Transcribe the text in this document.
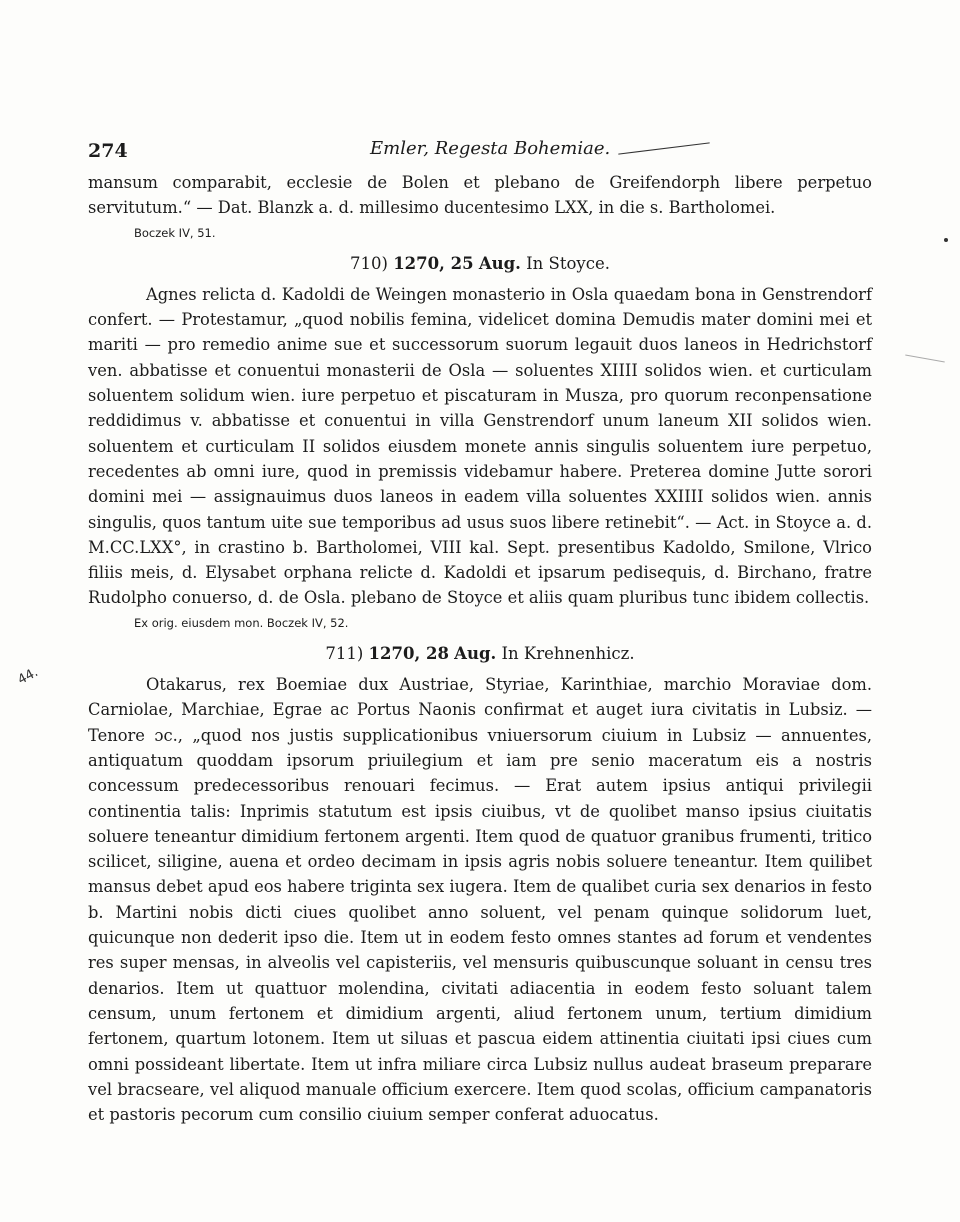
274	Emler, Regesta Bohemiae.

mansum comparabit, ecclesie de Bolen et plebano de Greifendorph libere perpetuo servitutum.“ — Dat. Blanzk a. d. millesimo ducentesimo LXX, in die s. Bartholomei.

Boczek IV, 51.

710) 1270, 25 Aug. In Stoyce.

Agnes relicta d. Kadoldi de Weingen monasterio in Osla quaedam bona in Genstrendorf confert. — Protestamur, „quod nobilis femina, videlicet domina Demudis mater domini mei et mariti — pro remedio anime sue et successorum suorum legauit duos laneos in Hedrichstorf ven. abbatisse et conuentui monasterii de Osla — soluentes XIIII solidos wien. et curticulam soluentem solidum wien. iure perpetuo et piscaturam in Musza, pro quorum reconpensatione reddidimus v. abbatisse et conuentui in villa Genstrendorf unum laneum XII solidos wien. soluentem et curticulam II solidos eiusdem monete annis singulis soluentem iure perpetuo, recedentes ab omni iure, quod in premissis videbamur habere. Preterea domine Jutte sorori domini mei — assignauimus duos laneos in eadem villa soluentes XXIIII solidos wien. annis singulis, quos tantum uite sue temporibus ad usus suos libere retinebit“. — Act. in Stoyce a. d. M.CC.LXX°, in crastino b. Bartholomei, VIII kal. Sept. presentibus Kadoldo, Smilone, Vlrico filiis meis, d. Elysabet orphana relicte d. Kadoldi et ipsarum pedisequis, d. Birchano, fratre Rudolpho conuerso, d. de Osla. plebano de Stoyce et aliis quam pluribus tunc ibidem collectis.

Ex orig. eiusdem mon. Boczek IV, 52.

711) 1270, 28 Aug. In Krehnenhicz.

Otakarus, rex Boemiae dux Austriae, Styriae, Karinthiae, marchio Moraviae dom. Carniolae, Marchiae, Egrae ac Portus Naonis confirmat et auget iura civitatis in Lubsiz. — Tenore ɔc., „quod nos justis supplicationibus vniuersorum ciuium in Lubsiz — annuentes, antiquatum quoddam ipsorum priuilegium et iam pre senio maceratum eis a nostris concessum predecessoribus renouari fecimus. — Erat autem ipsius antiqui privilegii continentia talis: Inprimis statutum est ipsis ciuibus, vt de quolibet manso ipsius ciuitatis soluere teneantur dimidium fertonem argenti. Item quod de quatuor granibus frumenti, tritico scilicet, siligine, auena et ordeo decimam in ipsis agris nobis soluere teneantur. Item quilibet mansus debet apud eos habere triginta sex iugera. Item de qualibet curia sex denarios in festo b. Martini nobis dicti ciues quolibet anno soluent, vel penam quinque solidorum luet, quicunque non dederit ipso die. Item ut in eodem festo omnes stantes ad forum et vendentes res super mensas, in alveolis vel capisteriis, vel mensuris quibuscunque soluant in censu tres denarios. Item ut quattuor molendina, civitati adiacentia in eodem festo soluant talem censum, unum fertonem et dimidium argenti, aliud fertonem unum, tertium dimidium fertonem, quartum lotonem. Item ut siluas et pascua eidem attinentia ciuitati ipsi ciues cum omni possideant libertate. Item ut infra miliare circa Lubsiz nullus audeat braseum preparare vel bracseare, vel aliquod manuale officium exercere. Item quod scolas, officium campanatoris et pastoris pecorum cum consilio ciuium semper conferat aduocatus.

44.
